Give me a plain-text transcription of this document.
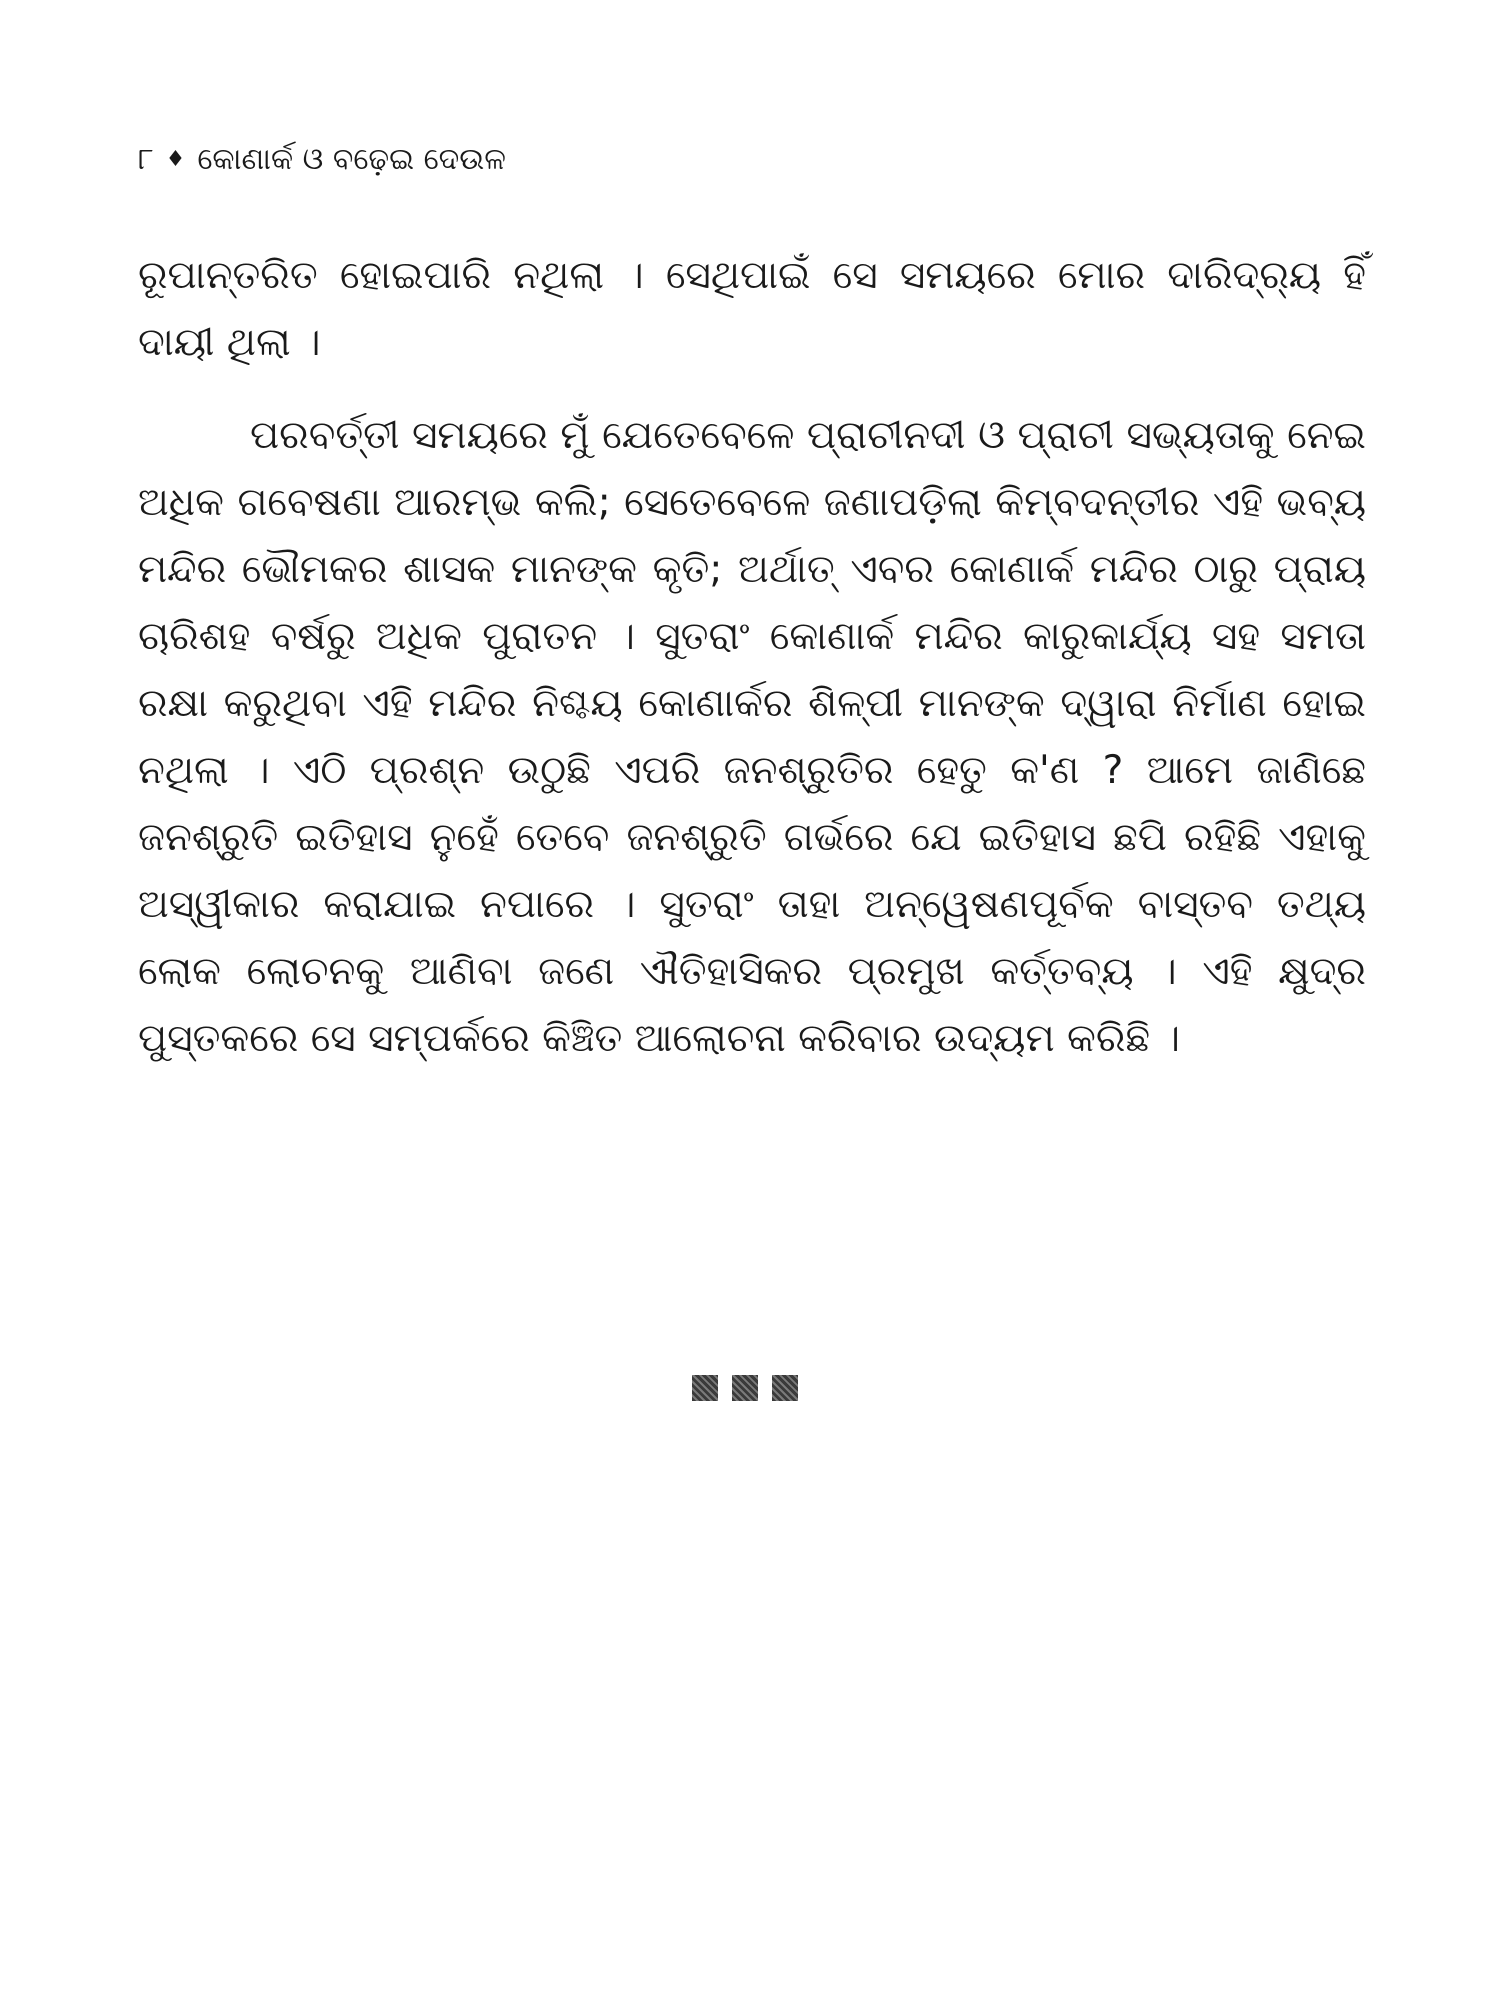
୮ ♦ କୋଣାର୍କ ଓ ବଢ଼େଇ ଦେଉଳ

ରୂପାନ୍ତରିତ ହୋଇପାରି ନଥିଲା । ସେଥିପାଇଁ ସେ ସମୟରେ ମୋର ଦାରିଦ୍ର୍ୟ ହିଁ ଦାୟୀ ଥିଲା ।

ପରବର୍ତ୍ତୀ ସମୟରେ ମୁଁ ଯେତେବେଳେ ପ୍ରାଚୀନଦୀ ଓ ପ୍ରାଚୀ ସଭ୍ୟତାକୁ ନେଇ ଅଧିକ ଗବେଷଣା ଆରମ୍ଭ କଲି; ସେତେବେଳେ ଜଣାପଡ଼ିଲା କିମ୍ବଦନ୍ତୀର ଏହି ଭବ୍ୟ ମନ୍ଦିର ଭୌମକର ଶାସକ ମାନଙ୍କ କୃତି; ଅର୍ଥାତ୍ ଏବର କୋଣାର୍କ ମନ୍ଦିର ଠାରୁ ପ୍ରାୟ ଚାରିଶହ ବର୍ଷରୁ ଅଧିକ ପୁରାତନ । ସୁତରାଂ କୋଣାର୍କ ମନ୍ଦିର କାରୁକାର୍ଯ୍ୟ ସହ ସମତା ରକ୍ଷା କରୁଥିବା ଏହି ମନ୍ଦିର ନିଶ୍ଚୟ କୋଣାର୍କର ଶିଳ୍ପୀ ମାନଙ୍କ ଦ୍ୱାରା ନିର୍ମାଣ ହୋଇ ନଥିଲା । ଏଠି ପ୍ରଶ୍ନ ଉଠୁଛି ଏପରି ଜନଶ୍ରୁତିର ହେତୁ କ'ଣ ? ଆମେ ଜାଣିଛେ ଜନଶ୍ରୁତି ଇତିହାସ ନୁହେଁ ତେବେ ଜନଶ୍ରୁତି ଗର୍ଭରେ ଯେ ଇତିହାସ ଛପି ରହିଛି ଏହାକୁ ଅସ୍ୱୀକାର କରାଯାଇ ନପାରେ । ସୁତରାଂ ତାହା ଅନ୍ୱେଷଣପୂର୍ବକ ବାସ୍ତବ ତଥ୍ୟ ଲୋକ ଲୋଚନକୁ ଆଣିବା ଜଣେ ଐତିହାସିକର ପ୍ରମୁଖ କର୍ତ୍ତବ୍ୟ । ଏହି କ୍ଷୁଦ୍ର ପୁସ୍ତକରେ ସେ ସମ୍ପର୍କରେ କିଞ୍ଚିତ ଆଲୋଚନା କରିବାର ଉଦ୍ୟମ କରିଛି ।
